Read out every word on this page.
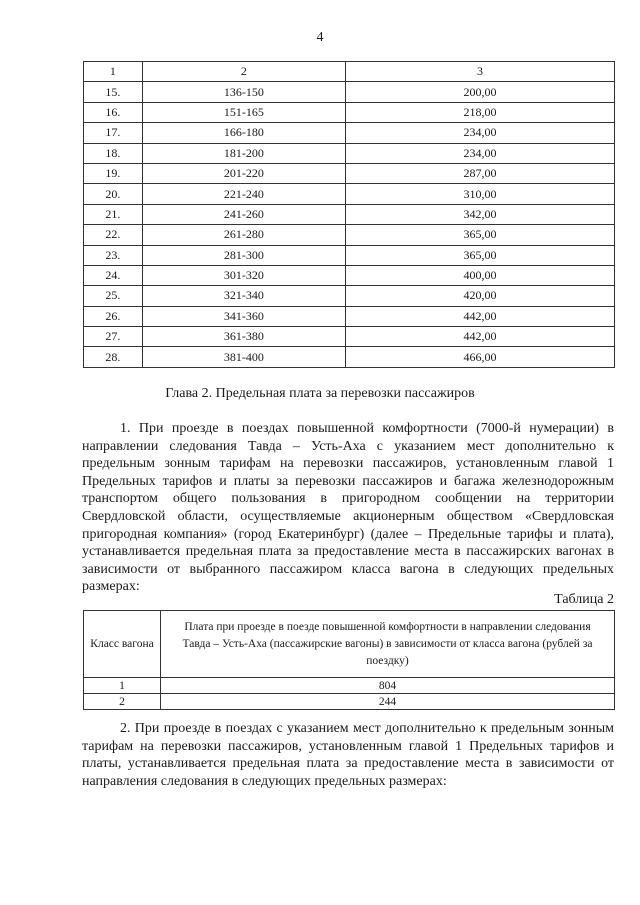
4
1	2	3
15.	136-150	200,00
16.	151-165	218,00
17.	166-180	234,00
18.	181-200	234,00
19.	201-220	287,00
20.	221-240	310,00
21.	241-260	342,00
22.	261-280	365,00
23.	281-300	365,00
24.	301-320	400,00
25.	321-340	420,00
26.	341-360	442,00
27.	361-380	442,00
28.	381-400	466,00
Глава 2. Предельная плата за перевозки пассажиров

1. При проезде в поездах повышенной комфортности (7000-й нумерации) в направлении следования Тавда – Усть-Аха с указанием мест дополнительно к предельным зонным тарифам на перевозки пассажиров, установленным главой 1 Предельных тарифов и платы за перевозки пассажиров и багажа железнодорожным транспортом общего пользования в пригородном сообщении на территории Свердловской области, осуществляемые акционерным обществом «Свердловская пригородная компания» (город Екатеринбург) (далее – Предельные тарифы и плата), устанавливается предельная плата за предоставление места в пассажирских вагонах в зависимости от выбранного пассажиром класса вагона в следующих предельных размерах:

Таблица 2
Класс вагона	Плата при проезде в поезде повышенной комфортности в направлении следования Тавда – Усть-Аха (пассажирские вагоны) в зависимости от класса вагона (рублей за поездку)
1	804
2	244

2. При проезде в поездах с указанием мест дополнительно к предельным зонным тарифам на перевозки пассажиров, установленным главой 1 Предельных тарифов и платы, устанавливается предельная плата за предоставление места в зависимости от направления следования в следующих предельных размерах:
